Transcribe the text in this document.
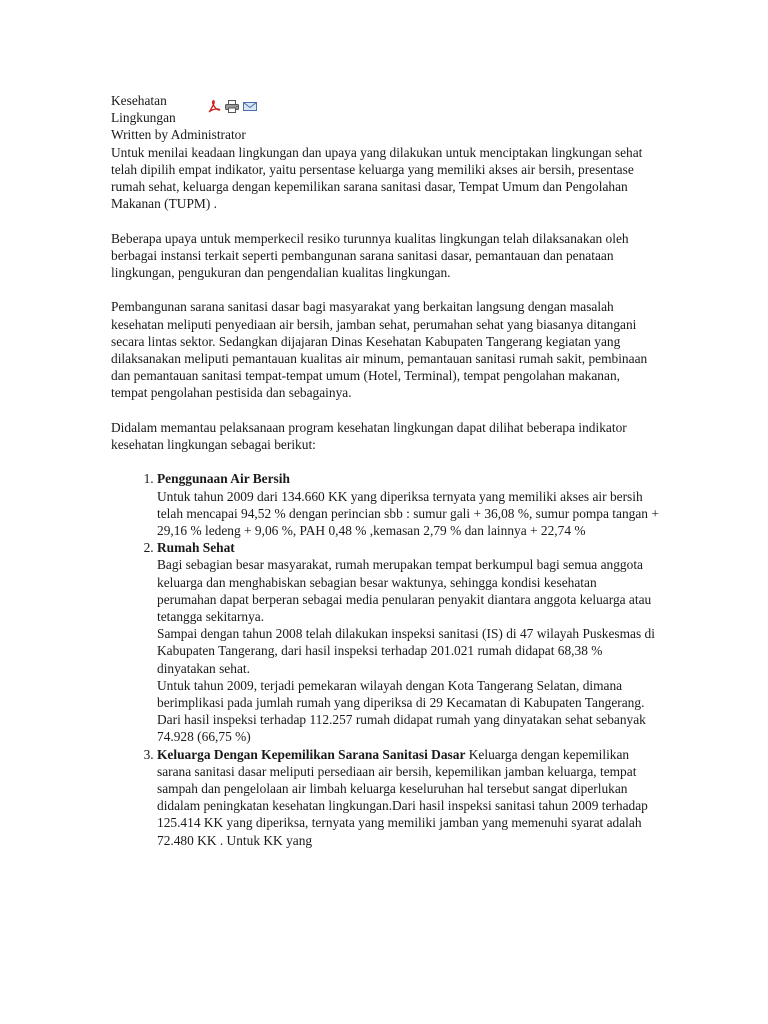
Kesehatan
Lingkungan
Written by Administrator

Untuk menilai keadaan lingkungan dan upaya yang dilakukan untuk menciptakan lingkungan sehat telah dipilih empat indikator, yaitu persentase keluarga yang memiliki akses air bersih, presentase rumah sehat, keluarga dengan kepemilikan sarana sanitasi dasar, Tempat Umum dan Pengolahan Makanan (TUPM) .

Beberapa upaya untuk memperkecil resiko turunnya kualitas lingkungan telah dilaksanakan oleh berbagai instansi terkait seperti pembangunan sarana sanitasi dasar, pemantauan dan penataan lingkungan, pengukuran dan pengendalian kualitas lingkungan.

Pembangunan sarana sanitasi dasar bagi masyarakat yang berkaitan langsung dengan masalah kesehatan meliputi penyediaan air bersih, jamban sehat, perumahan sehat yang biasanya ditangani secara lintas sektor. Sedangkan dijajaran Dinas Kesehatan Kabupaten Tangerang kegiatan yang dilaksanakan meliputi pemantauan kualitas air minum, pemantauan sanitasi rumah sakit, pembinaan dan pemantauan sanitasi tempat-tempat umum (Hotel, Terminal), tempat pengolahan makanan, tempat pengolahan pestisida dan sebagainya.

Didalam memantau pelaksanaan program kesehatan lingkungan dapat dilihat beberapa indikator kesehatan lingkungan sebagai berikut:

1. Penggunaan Air Bersih
Untuk tahun 2009 dari 134.660 KK yang diperiksa ternyata yang memiliki akses air bersih telah mencapai 94,52 % dengan perincian sbb : sumur gali + 36,08 %, sumur pompa tangan + 29,16 % ledeng + 9,06 %, PAH 0,48 % ,kemasan 2,79 % dan lainnya + 22,74 %
2. Rumah Sehat
Bagi sebagian besar masyarakat, rumah merupakan tempat berkumpul bagi semua anggota keluarga dan menghabiskan sebagian besar waktunya, sehingga kondisi kesehatan perumahan dapat berperan sebagai media penularan penyakit diantara anggota keluarga atau tetangga sekitarnya.
Sampai dengan tahun 2008 telah dilakukan inspeksi sanitasi (IS) di 47 wilayah Puskesmas di Kabupaten Tangerang, dari hasil inspeksi terhadap 201.021 rumah didapat 68,38 % dinyatakan sehat.
Untuk tahun 2009, terjadi pemekaran wilayah dengan Kota Tangerang Selatan, dimana berimplikasi pada jumlah rumah yang diperiksa di 29 Kecamatan di Kabupaten Tangerang. Dari hasil inspeksi terhadap 112.257 rumah didapat rumah yang dinyatakan sehat sebanyak 74.928 (66,75 %)
3. Keluarga Dengan Kepemilikan Sarana Sanitasi Dasar Keluarga dengan kepemilikan sarana sanitasi dasar meliputi persediaan air bersih, kepemilikan jamban keluarga, tempat sampah dan pengelolaan air limbah keluarga keseluruhan hal tersebut sangat diperlukan didalam peningkatan kesehatan lingkungan.Dari hasil inspeksi sanitasi tahun 2009 terhadap 125.414 KK yang diperiksa, ternyata yang memiliki jamban yang memenuhi syarat adalah 72.480 KK . Untuk KK yang
